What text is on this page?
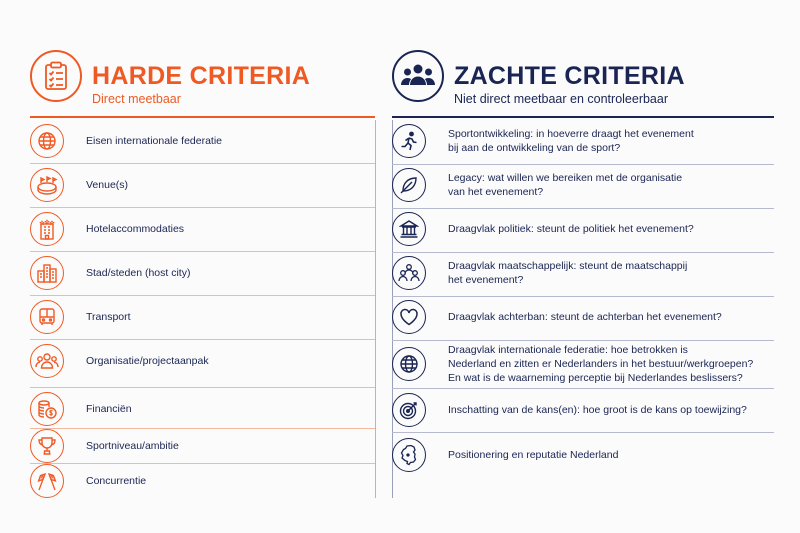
HARDE CRITERIA
Direct meetbaar
Eisen internationale federatie
Venue(s)
Hotelaccommodaties
Stad/steden (host city)
Transport
Organisatie/projectaanpak
Financiën
Sportniveau/ambitie
Concurrentie
ZACHTE CRITERIA
Niet direct meetbaar en controleerbaar
Sportontwikkeling: in hoeverre draagt het evenement
bij aan de ontwikkeling van de sport?
Legacy: wat willen we bereiken met de organisatie
van het evenement?
Draagvlak politiek: steunt de politiek het evenement?
Draagvlak maatschappelijk: steunt de maatschappij
het evenement?
Draagvlak achterban: steunt de achterban het evenement?
Draagvlak internationale federatie: hoe betrokken is
Nederland en zitten er Nederlanders in het bestuur/werkgroepen?
En wat is de waarneming perceptie bij Nederlandes beslissers?
Inschatting van de kans(en): hoe groot is de kans op toewijzing?
Positionering en reputatie Nederland
